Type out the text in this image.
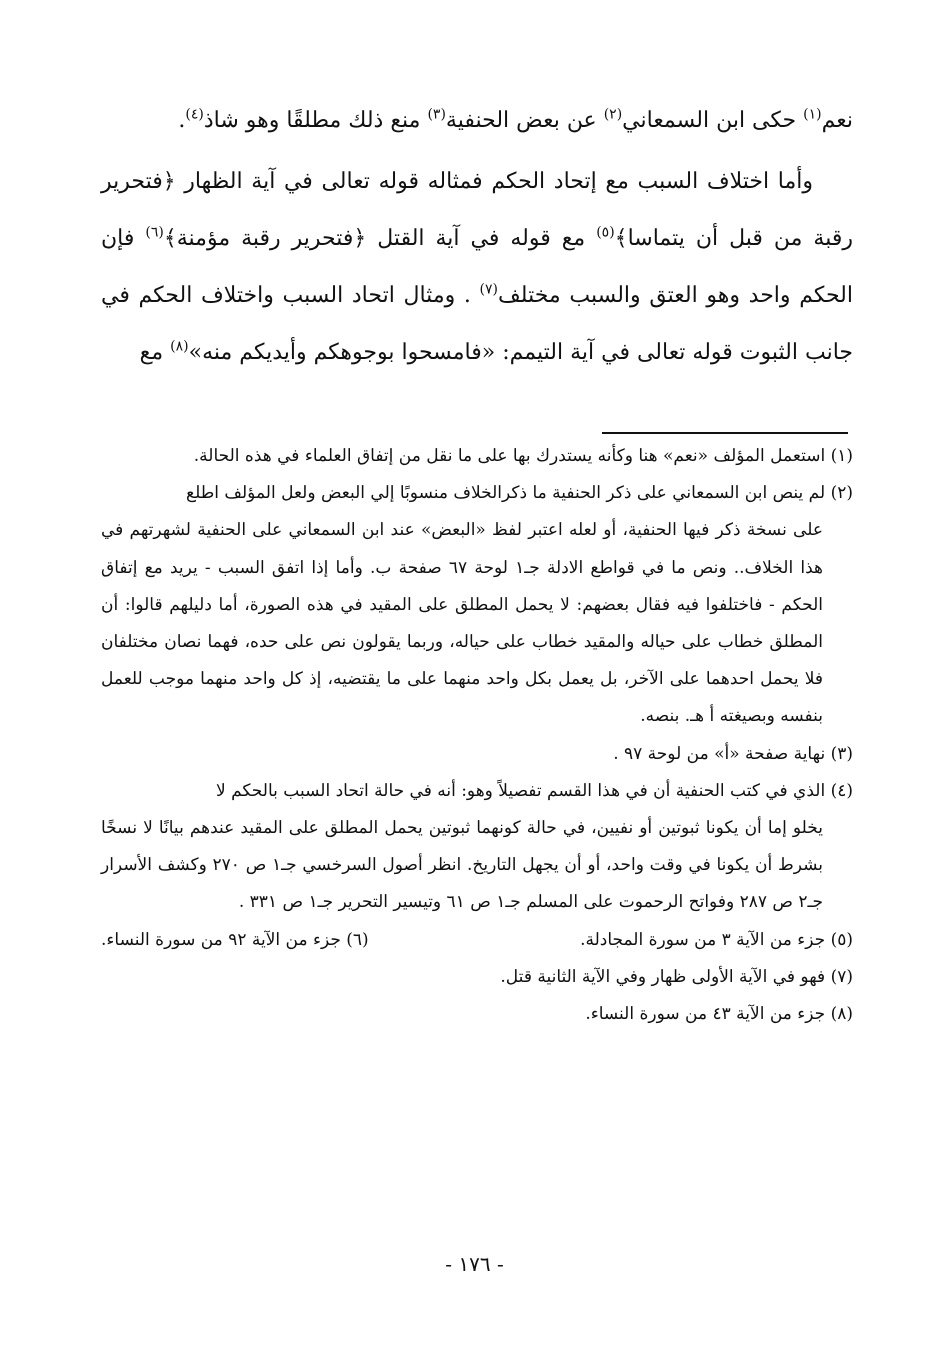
نعم$^{(١)}$ حكى ابن السمعاني$^{(٢)}$ عن بعض الحنفية$^{(٣)}$ منع ذلك مطلقًا وهو شاذ$^{(٤)}$.

وأما اختلاف السبب مع إتحاد الحكم فمثاله قوله تعالى في آية الظهار ﴿فتحرير رقبة من قبل أن يتماسا﴾$^{(٥)}$ مع قوله في آية القتل ﴿فتحرير رقبة مؤمنة﴾$^{(٦)}$ فإن الحكم واحد وهو العتق والسبب مختلف$^{(٧)}$ . ومثال اتحاد السبب واختلاف الحكم في جانب الثبوت قوله تعالى في آية التيمم: «فامسحوا بوجوهكم وأيديكم منه»$^{(٨)}$ مع

(١) استعمل المؤلف «نعم» هنا وكأنه يستدرك بها على ما نقل من إتفاق العلماء في هذه الحالة.
(٢) لم ينص ابن السمعاني على ذكر الحنفية ما ذكرالخلاف منسوبًا إلي البعض ولعل المؤلف اطلع
على نسخة ذكر فيها الحنفية، أو لعله اعتبر لفظ «البعض» عند ابن السمعاني على الحنفية لشهرتهم في هذا الخلاف.. ونص ما في قواطع الادلة جـ١ لوحة ٦٧ صفحة ب. وأما إذا اتفق السبب - يريد مع إتفاق الحكم - فاختلفوا فيه فقال بعضهم: لا يحمل المطلق على المقيد في هذه الصورة، أما دليلهم قالوا: أن المطلق خطاب على حياله والمقيد خطاب على حياله، وربما يقولون نص على حده، فهما نصان مختلفان فلا يحمل احدهما على الآخر، بل يعمل بكل واحد منهما على ما يقتضيه، إذ كل واحد منهما موجب للعمل بنفسه وبصيغته أ هـ. بنصه.
(٣) نهاية صفحة «أ» من لوحة ٩٧ .
(٤) الذي في كتب الحنفية أن في هذا القسم تفصيلاً وهو: أنه في حالة اتحاد السبب بالحكم لا
يخلو إما أن يكونا ثبوتين أو نفيين، في حالة كونهما ثبوتين يحمل المطلق على المقيد عندهم بيانًا لا نسخًا بشرط أن يكونا في وقت واحد، أو أن يجهل التاريخ. انظر أصول السرخسي جـ١ ص ٢٧٠ وكشف الأسرار جـ٢ ص ٢٨٧ وفواتح الرحموت على المسلم جـ١ ص ٦١ وتيسير التحرير جـ١ ص ٣٣١ .
(٥) جزء من الآية ٣ من سورة المجادلة.
(٦) جزء من الآية ٩٢ من سورة النساء.
(٧) فهو في الآية الأولى ظهار وفي الآية الثانية قتل.
(٨) جزء من الآية ٤٣ من سورة النساء.
- ١٧٦ -
